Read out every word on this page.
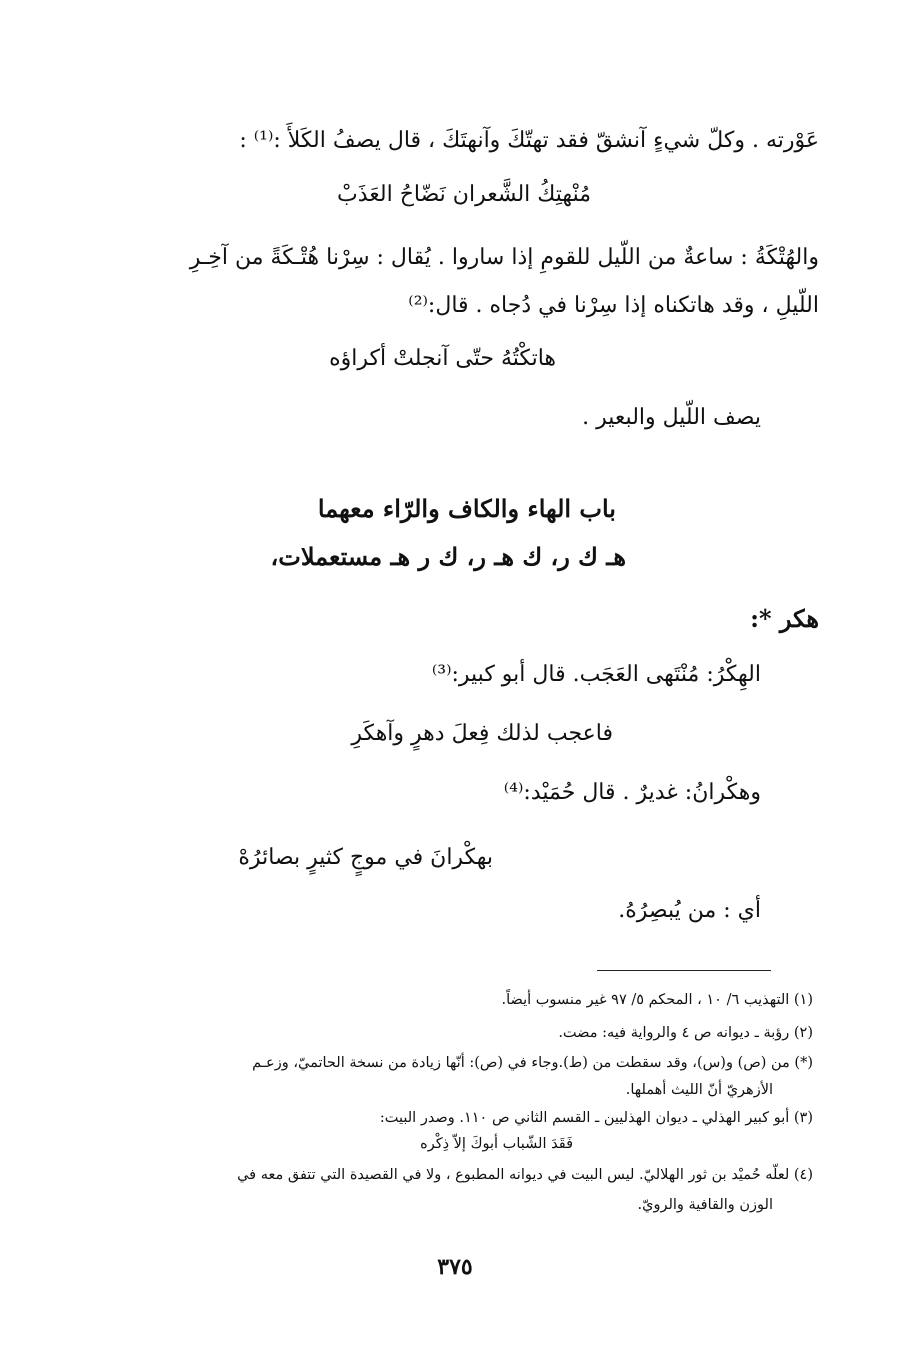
عَوْرته . وكلّ شيءٍ آنشقّ فقد تهتّكَ وآنهتَكَ ، قال يصفُ الكَلأَ :⁽¹⁾ :
مُنْهتِكُ الشَّعران نَضّاحُ العَذَبْ
والهُتْكَةُ : ساعةٌ من اللّيل للقومِ إذا ساروا . يُقال : سِرْنا هُتْـكَةً من آخِـرِ
اللّيلِ ، وقد هاتكناه إذا سِرْنا في دُجاه . قال:⁽²⁾
هاتكْتُهُ حتّى آنجلتْ أكراؤه
يصف اللّيل والبعير .
باب الهاء والكاف والرّاء معهما
هـ ك ر، ك هـ ر، ك ر هـ مستعملات،
هكر *:
الهِكْرُ: مُنْتَهى العَجَب. قال أبو كبير:⁽³⁾
فاعجب لذلك فِعلَ دهرٍ وآهكَرِ
وهكْرانُ: غديرٌ . قال حُمَيْد:⁽⁴⁾
بهكْرانَ في موجٍ كثيرٍ بصائرُهْ
أي : من يُبصِرُهُ.
(١) التهذيب ٦/ ١٠ ، المحكم ٥/ ٩٧ غير منسوب أيضاً.
(٢) رؤبة ـ ديوانه ص ٤ والرواية فيه: مضت.
(*) من (ص) و(س)، وقد سقطت من (ط).وجاء في (ص): أنّها زيادة من نسخة الحاتميّ، وزعـم
الأزهريّ أنّ الليث أهملها.
(٣) أبو كبير الهذلي ـ ديوان الهذليين ـ القسم الثاني ص ١١٠. وصدر البيت:
فَقَدَ الشّباب أبوكَ إلاّ ذِكْره
(٤) لعلّه حُميْد بن ثور الهلاليّ. ليس البيت في ديوانه المطبوع ، ولا في القصيدة التي تتفق معه في
الوزن والقافية والرويّ.
٣٧٥
